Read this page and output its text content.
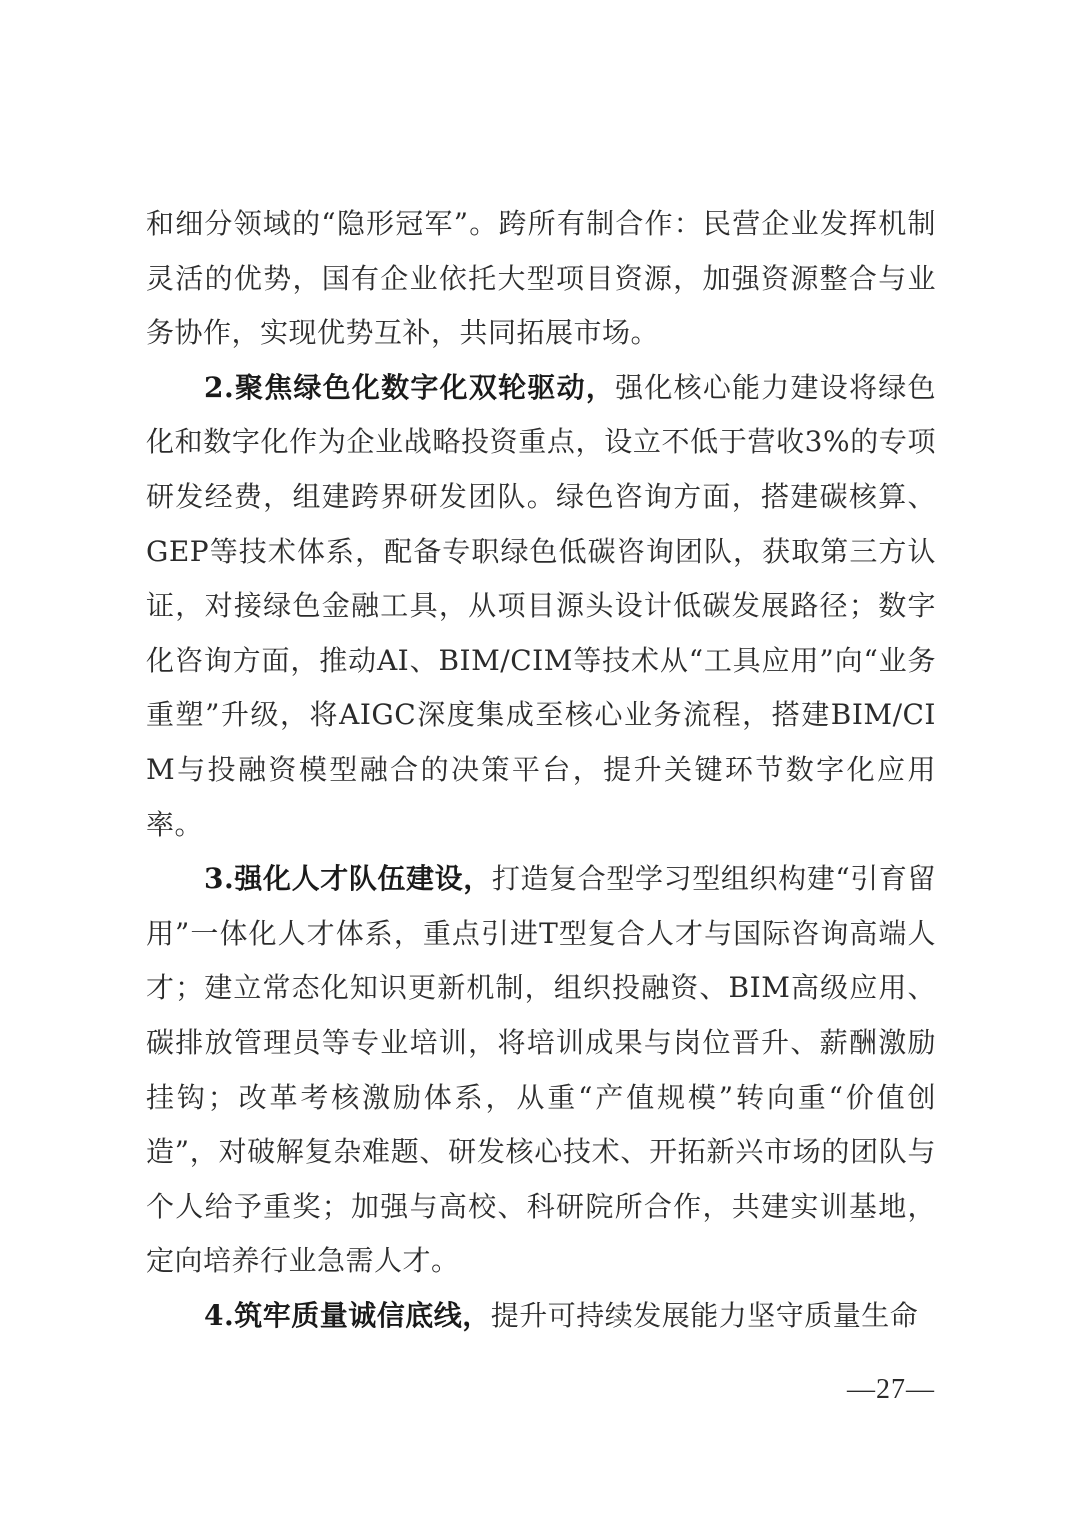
和细分领域的“隐形冠军”。跨所有制合作：民营企业发挥机制灵活的优势，国有企业依托大型项目资源，加强资源整合与业务协作，实现优势互补，共同拓展市场。

2.聚焦绿色化数字化双轮驱动，强化核心能力建设将绿色化和数字化作为企业战略投资重点，设立不低于营收3%的专项研发经费，组建跨界研发团队。绿色咨询方面，搭建碳核算、GEP等技术体系，配备专职绿色低碳咨询团队，获取第三方认证，对接绿色金融工具，从项目源头设计低碳发展路径；数字化咨询方面，推动AI、BIM/CIM等技术从“工具应用”向“业务重塑”升级，将AIGC深度集成至核心业务流程，搭建BIM/CIM与投融资模型融合的决策平台，提升关键环节数字化应用率。

3.强化人才队伍建设，打造复合型学习型组织构建“引育留用”一体化人才体系，重点引进T型复合人才与国际咨询高端人才；建立常态化知识更新机制，组织投融资、BIM高级应用、碳排放管理员等专业培训，将培训成果与岗位晋升、薪酬激励挂钩；改革考核激励体系，从重“产值规模”转向重“价值创造”，对破解复杂难题、研发核心技术、开拓新兴市场的团队与个人给予重奖；加强与高校、科研院所合作，共建实训基地，定向培养行业急需人才。

4.筑牢质量诚信底线，提升可持续发展能力坚守质量生命

—27—
